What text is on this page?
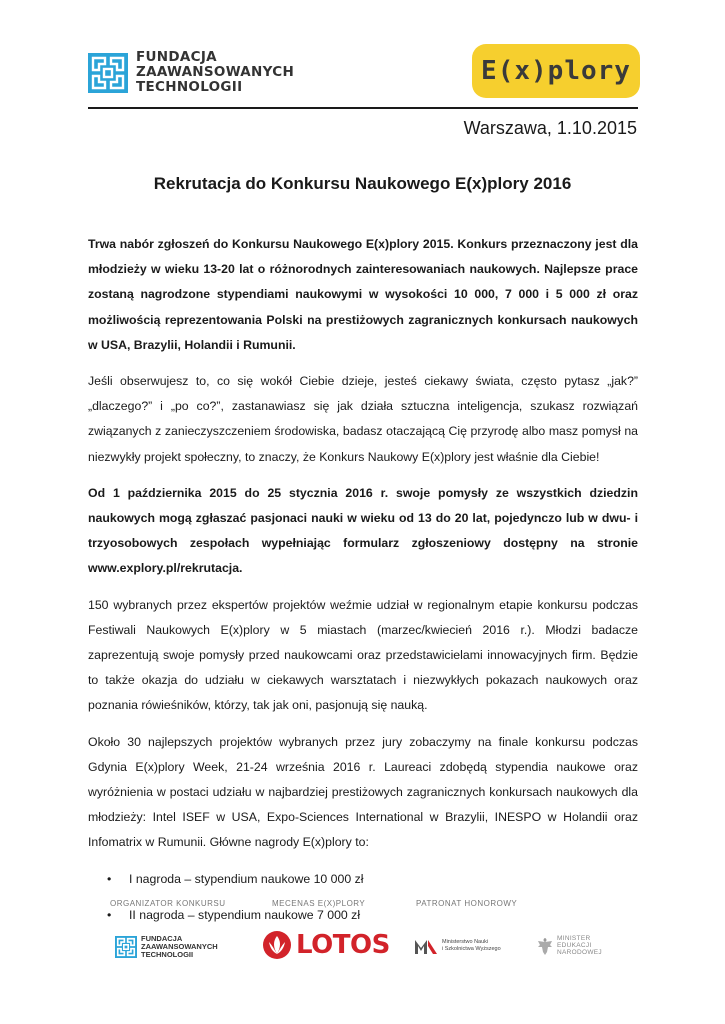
FUNDACJA
ZAAWANSOWANYCH
TECHNOLOGII
E(x)plory
Warszawa, 1.10.2015
Rekrutacja do Konkursu Naukowego E(x)plory 2016

Trwa nabór zgłoszeń do Konkursu Naukowego E(x)plory 2015. Konkurs przeznaczony jest dla młodzieży w wieku 13-20 lat o różnorodnych zainteresowaniach naukowych. Najlepsze prace zostaną nagrodzone stypendiami naukowymi w wysokości 10 000, 7 000 i 5 000 zł oraz możliwością reprezentowania Polski na prestiżowych zagranicznych konkursach naukowych w USA, Brazylii, Holandii i Rumunii.

Jeśli obserwujesz to, co się wokół Ciebie dzieje, jesteś ciekawy świata, często pytasz „jak?” „dlaczego?” i „po co?”, zastanawiasz się jak działa sztuczna inteligencja, szukasz rozwiązań związanych z zanieczyszczeniem środowiska, badasz otaczającą Cię przyrodę albo masz pomysł na niezwykły projekt społeczny, to znaczy, że Konkurs Naukowy E(x)plory jest właśnie dla Ciebie!

Od 1 października 2015 do 25 stycznia 2016 r. swoje pomysły ze wszystkich dziedzin naukowych mogą zgłaszać pasjonaci nauki w wieku od 13 do 20 lat, pojedynczo lub w dwu- i trzyosobowych zespołach wypełniając formularz zgłoszeniowy dostępny na stronie www.explory.pl/rekrutacja.

150 wybranych przez ekspertów projektów weźmie udział w regionalnym etapie konkursu podczas Festiwali Naukowych E(x)plory w 5 miastach (marzec/kwiecień 2016 r.). Młodzi badacze zaprezentują swoje pomysły przed naukowcami oraz przedstawicielami innowacyjnych firm. Będzie to także okazja do udziału w ciekawych warsztatach i niezwykłych pokazach naukowych oraz poznania rówieśników, którzy, tak jak oni, pasjonują się nauką.

Około 30 najlepszych projektów wybranych przez jury zobaczymy na finale konkursu podczas Gdynia E(x)plory Week, 21-24 września 2016 r. Laureaci zdobędą stypendia naukowe oraz wyróżnienia w postaci udziału w najbardziej prestiżowych zagranicznych konkursach naukowych dla młodzieży: Intel ISEF w USA, Expo-Sciences International w Brazylii, INESPO w Holandii oraz Infomatrix w Rumunii. Główne nagrody E(x)plory to:

• I nagroda – stypendium naukowe 10 000 zł
• II nagroda – stypendium naukowe 7 000 zł
ORGANIZATOR KONKURSU	MECENAS E(X)PLORY	PATRONAT HONOROWY
FUNDACJA
ZAAWANSOWANYCH
TECHNOLOGII	LOTOS	Ministerstwo Nauki
i Szkolnictwa Wyższego
MINISTER
EDUKACJI
NARODOWEJ
